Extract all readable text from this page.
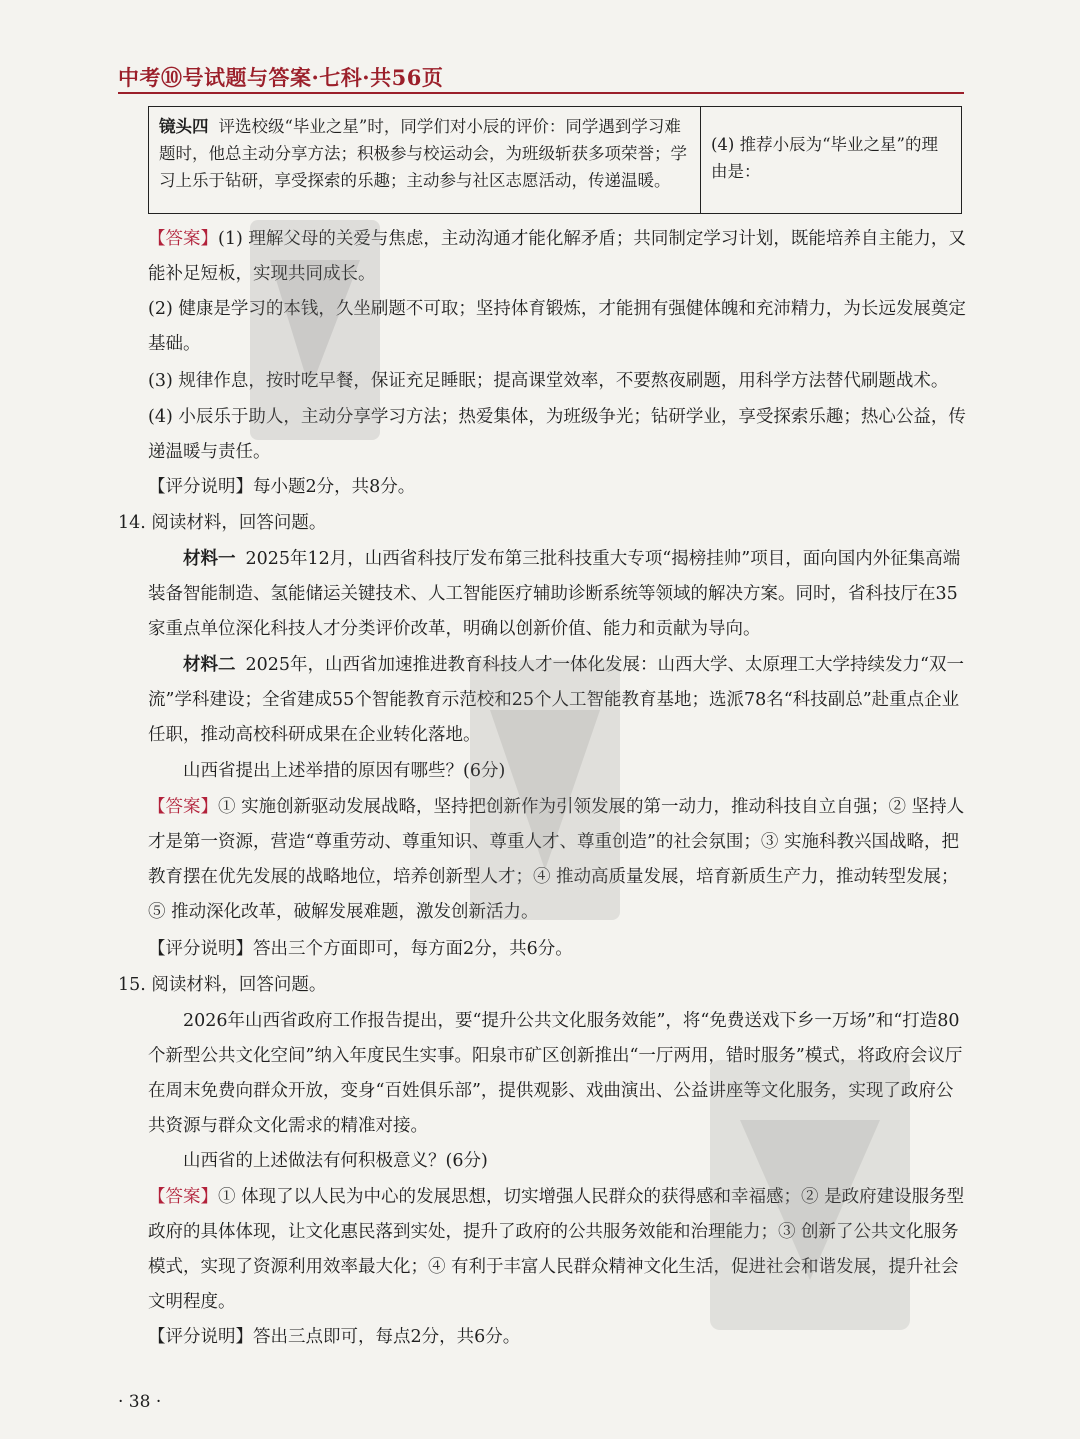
中考⑩号试题与答案·七科·共56页
镜头四 评选校级“毕业之星”时，同学们对小辰的评价：同学遇到学习难题时，他总主动分享方法；积极参与校运动会，为班级斩获多项荣誉；学习上乐于钻研，享受探索的乐趣；主动参与社区志愿活动，传递温暖。
(4) 推荐小辰为“毕业之星”的理由是：
【答案】(1) 理解父母的关爱与焦虑，主动沟通才能化解矛盾；共同制定学习计划，既能培养自主能力，又能补足短板，实现共同成长。
(2) 健康是学习的本钱，久坐刷题不可取；坚持体育锻炼，才能拥有强健体魄和充沛精力，为长远发展奠定基础。
(3) 规律作息，按时吃早餐，保证充足睡眠；提高课堂效率，不要熬夜刷题，用科学方法替代刷题战术。
(4) 小辰乐于助人，主动分享学习方法；热爱集体，为班级争光；钻研学业，享受探索乐趣；热心公益，传递温暖与责任。
【评分说明】每小题2分，共8分。
14. 阅读材料，回答问题。
材料一 2025年12月，山西省科技厅发布第三批科技重大专项“揭榜挂帅”项目，面向国内外征集高端装备智能制造、氢能储运关键技术、人工智能医疗辅助诊断系统等领域的解决方案。同时，省科技厅在35家重点单位深化科技人才分类评价改革，明确以创新价值、能力和贡献为导向。
材料二 2025年，山西省加速推进教育科技人才一体化发展：山西大学、太原理工大学持续发力“双一流”学科建设；全省建成55个智能教育示范校和25个人工智能教育基地；选派78名“科技副总”赴重点企业任职，推动高校科研成果在企业转化落地。
山西省提出上述举措的原因有哪些？(6分)
【答案】① 实施创新驱动发展战略，坚持把创新作为引领发展的第一动力，推动科技自立自强；② 坚持人才是第一资源，营造“尊重劳动、尊重知识、尊重人才、尊重创造”的社会氛围；③ 实施科教兴国战略，把教育摆在优先发展的战略地位，培养创新型人才；④ 推动高质量发展，培育新质生产力，推动转型发展；⑤ 推动深化改革，破解发展难题，激发创新活力。
【评分说明】答出三个方面即可，每方面2分，共6分。
15. 阅读材料，回答问题。
2026年山西省政府工作报告提出，要“提升公共文化服务效能”，将“免费送戏下乡一万场”和“打造80个新型公共文化空间”纳入年度民生实事。阳泉市矿区创新推出“一厅两用，错时服务”模式，将政府会议厅在周末免费向群众开放，变身“百姓俱乐部”，提供观影、戏曲演出、公益讲座等文化服务，实现了政府公共资源与群众文化需求的精准对接。
山西省的上述做法有何积极意义？(6分)
【答案】① 体现了以人民为中心的发展思想，切实增强人民群众的获得感和幸福感；② 是政府建设服务型政府的具体体现，让文化惠民落到实处，提升了政府的公共服务效能和治理能力；③ 创新了公共文化服务模式，实现了资源利用效率最大化；④ 有利于丰富人民群众精神文化生活，促进社会和谐发展，提升社会文明程度。
【评分说明】答出三点即可，每点2分，共6分。
· 38 ·
